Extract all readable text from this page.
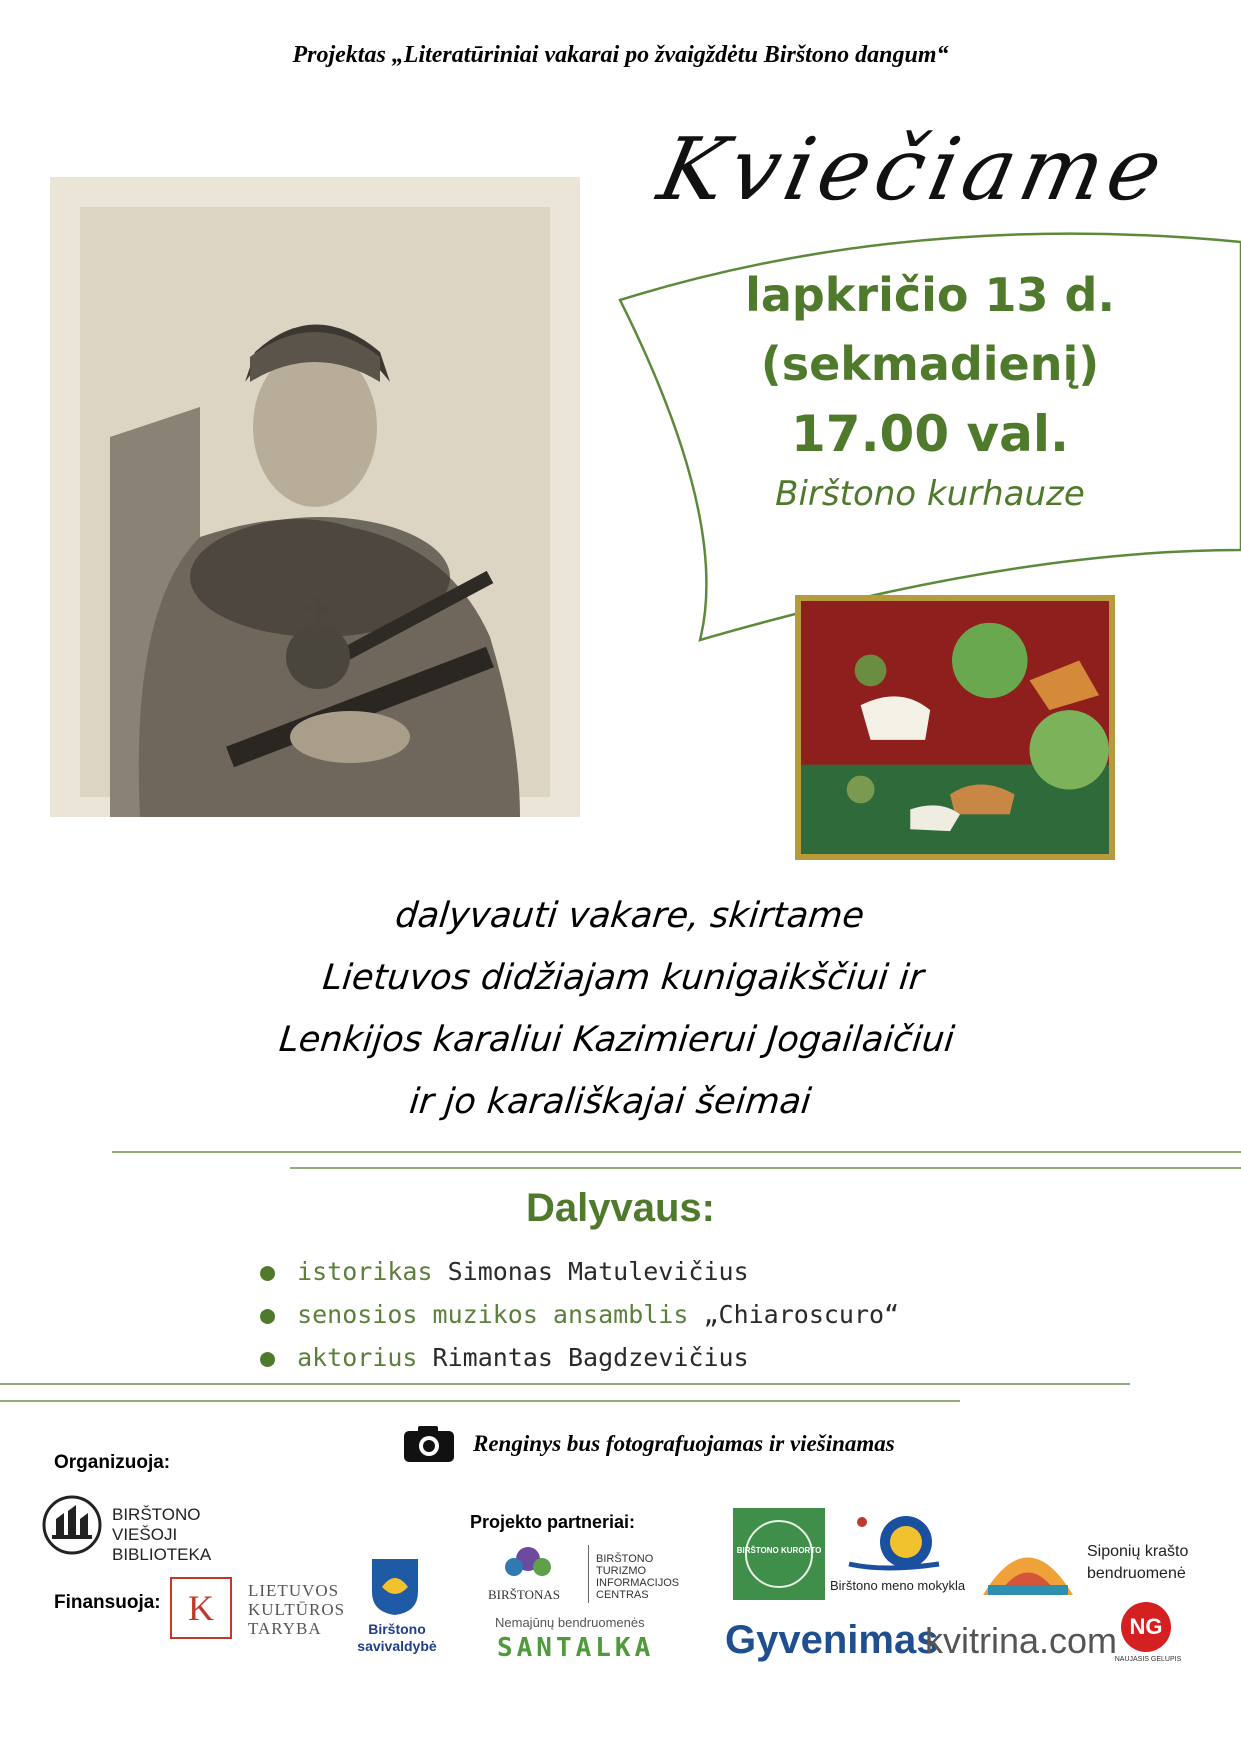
Projektas „Literatūriniai vakarai po žvaigždėtu Birštono dangum“
Kviečiame
lapkričio 13 d.
(sekmadienį)
17.00 val.
Birštono kurhauze
dalyvauti vakare, skirtame
Lietuvos didžiajam kunigaikščiui ir
Lenkijos karaliui Kazimierui Jogailaičiui
ir jo karališkajai šeimai
Dalyvaus:
● istorikas Simonas Matulevičius
● senosios muzikos ansamblis „Chiaroscuro“
● aktorius Rimantas Bagdzevičius
Renginys bus fotografuojamas ir viešinamas
Organizuoja:
BIRŠTONO
VIEŠOJI BIBLIOTEKA
Finansuoja: K	LIETUVOS
KULTŪROS
TARYBA	Birštono
savivaldybė
Projekto partneriai:
BIRŠTONAS
BIRŠTONO
TURIZMO INFORMACIJOS
CENTRAS
BIRŠTONO KURORTO
Birštono meno mokykla
Siponių krašto
bendruomenė
Nemajūnų bendruomenės
SANTALKA Gyvenimas
kvitrina.com NG
NAUJASIS GELUPIS
